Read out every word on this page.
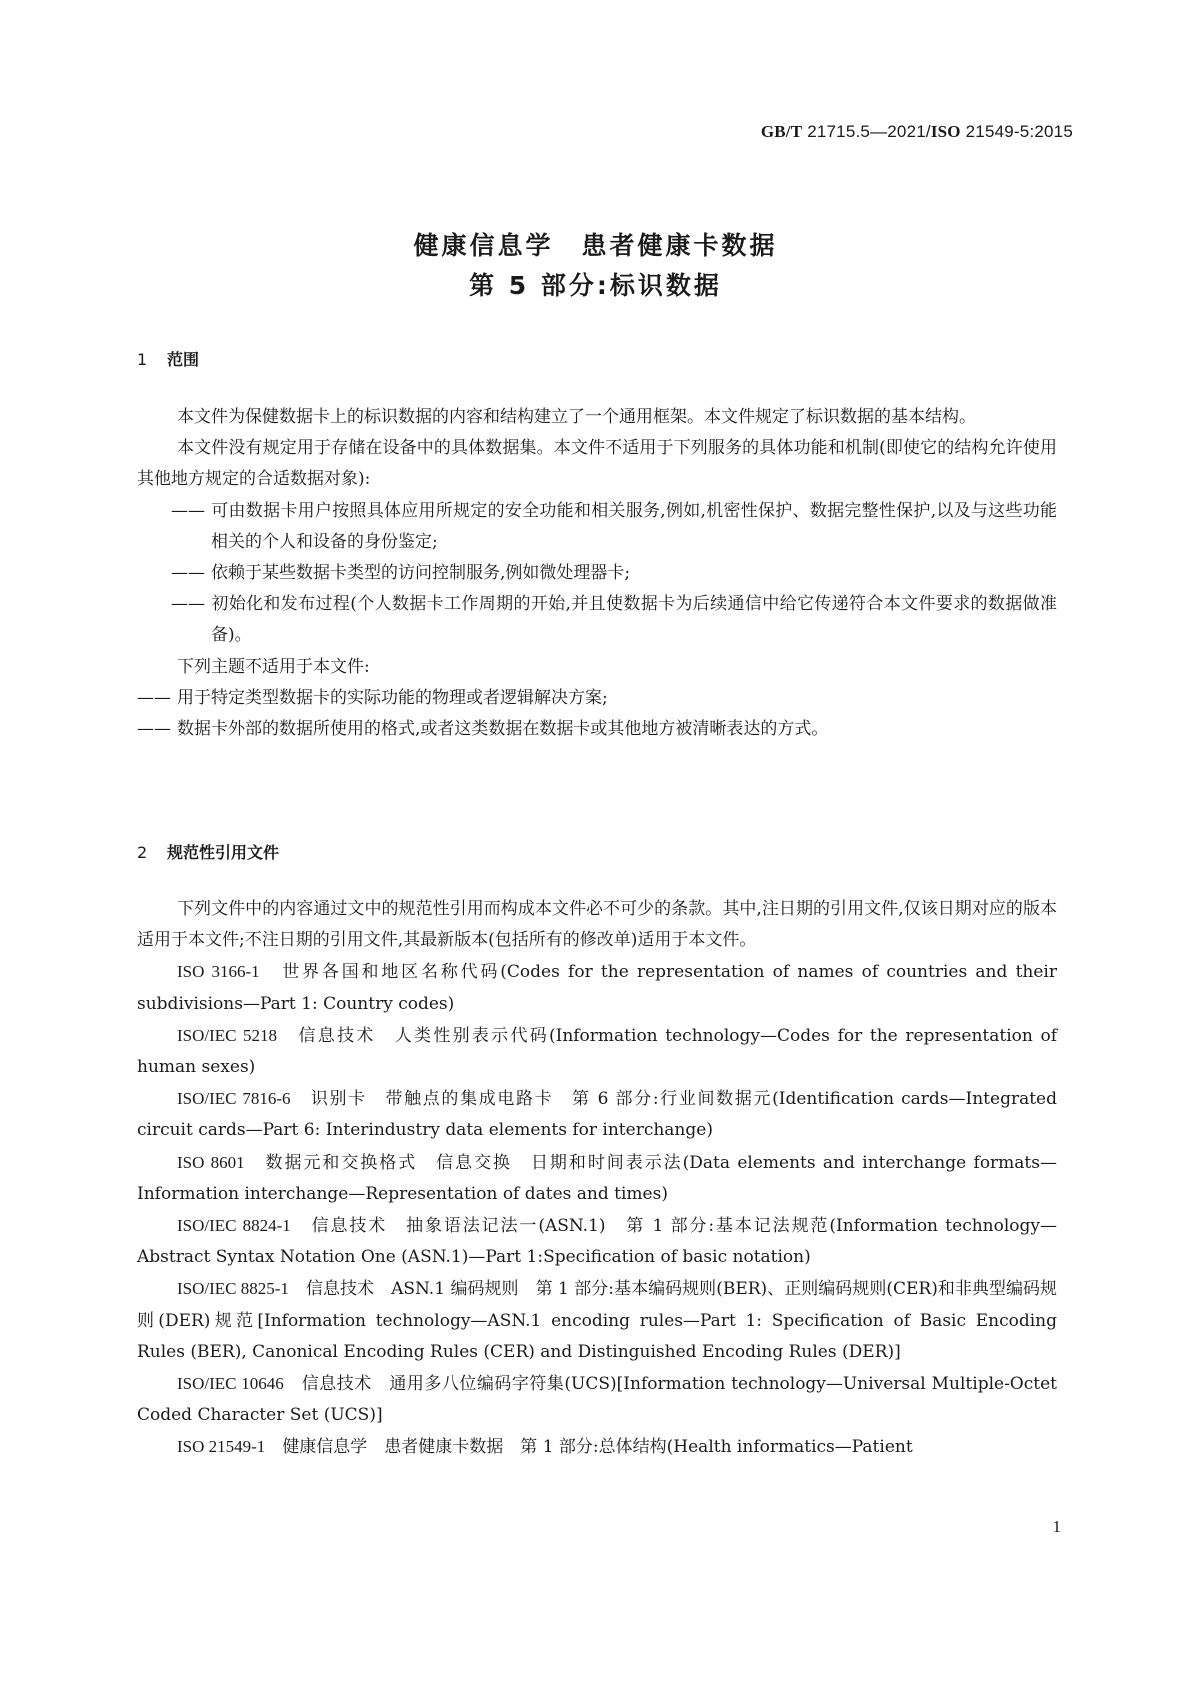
GB/T 21715.5—2021/ISO 21549-5:2015
健康信息学　患者健康卡数据
第 5 部分:标识数据
1 范围

本文件为保健数据卡上的标识数据的内容和结构建立了一个通用框架。本文件规定了标识数据的基本结构。

本文件没有规定用于存储在设备中的具体数据集。本文件不适用于下列服务的具体功能和机制(即使它的结构允许使用其他地方规定的合适数据对象):

—— 可由数据卡用户按照具体应用所规定的安全功能和相关服务,例如,机密性保护、数据完整性保护,以及与这些功能相关的个人和设备的身份鉴定;

—— 依赖于某些数据卡类型的访问控制服务,例如微处理器卡;

—— 初始化和发布过程(个人数据卡工作周期的开始,并且使数据卡为后续通信中给它传递符合本文件要求的数据做准备)。

下列主题不适用于本文件:

—— 用于特定类型数据卡的实际功能的物理或者逻辑解决方案;

—— 数据卡外部的数据所使用的格式,或者这类数据在数据卡或其他地方被清晰表达的方式。

2 规范性引用文件

下列文件中的内容通过文中的规范性引用而构成本文件必不可少的条款。其中,注日期的引用文件,仅该日期对应的版本适用于本文件;不注日期的引用文件,其最新版本(包括所有的修改单)适用于本文件。

ISO 3166-1　 世界各国和地区名称代码(Codes for the representation of names of countries and their subdivisions—Part 1: Country codes)

ISO/IEC 5218　 信息技术　人类性别表示代码(Information technology—Codes for the representation of human sexes)

ISO/IEC 7816-6　 识别卡　带触点的集成电路卡　第 6 部分:行业间数据元(Identification cards—Integrated circuit cards—Part 6: Interindustry data elements for interchange)

ISO 8601　 数据元和交换格式　信息交换　日期和时间表示法(Data elements and interchange formats—Information interchange—Representation of dates and times)

ISO/IEC 8824-1　 信息技术　抽象语法记法一(ASN.1)　第 1 部分:基本记法规范(Information technology—Abstract Syntax Notation One (ASN.1)—Part 1:Specification of basic notation)

ISO/IEC 8825-1　 信息技术　ASN.1 编码规则　第 1 部分:基本编码规则(BER)、正则编码规则(CER)和非典型编码规则(DER)规范[Information technology—ASN.1 encoding rules—Part 1: Specification of Basic Encoding Rules (BER), Canonical Encoding Rules (CER) and Distinguished Encoding Rules (DER)]

ISO/IEC 10646　 信息技术　通用多八位编码字符集(UCS)[Information technology—Universal Multiple-Octet Coded Character Set (UCS)]

ISO 21549-1　 健康信息学　患者健康卡数据　第 1 部分:总体结构(Health informatics—Patient

1
